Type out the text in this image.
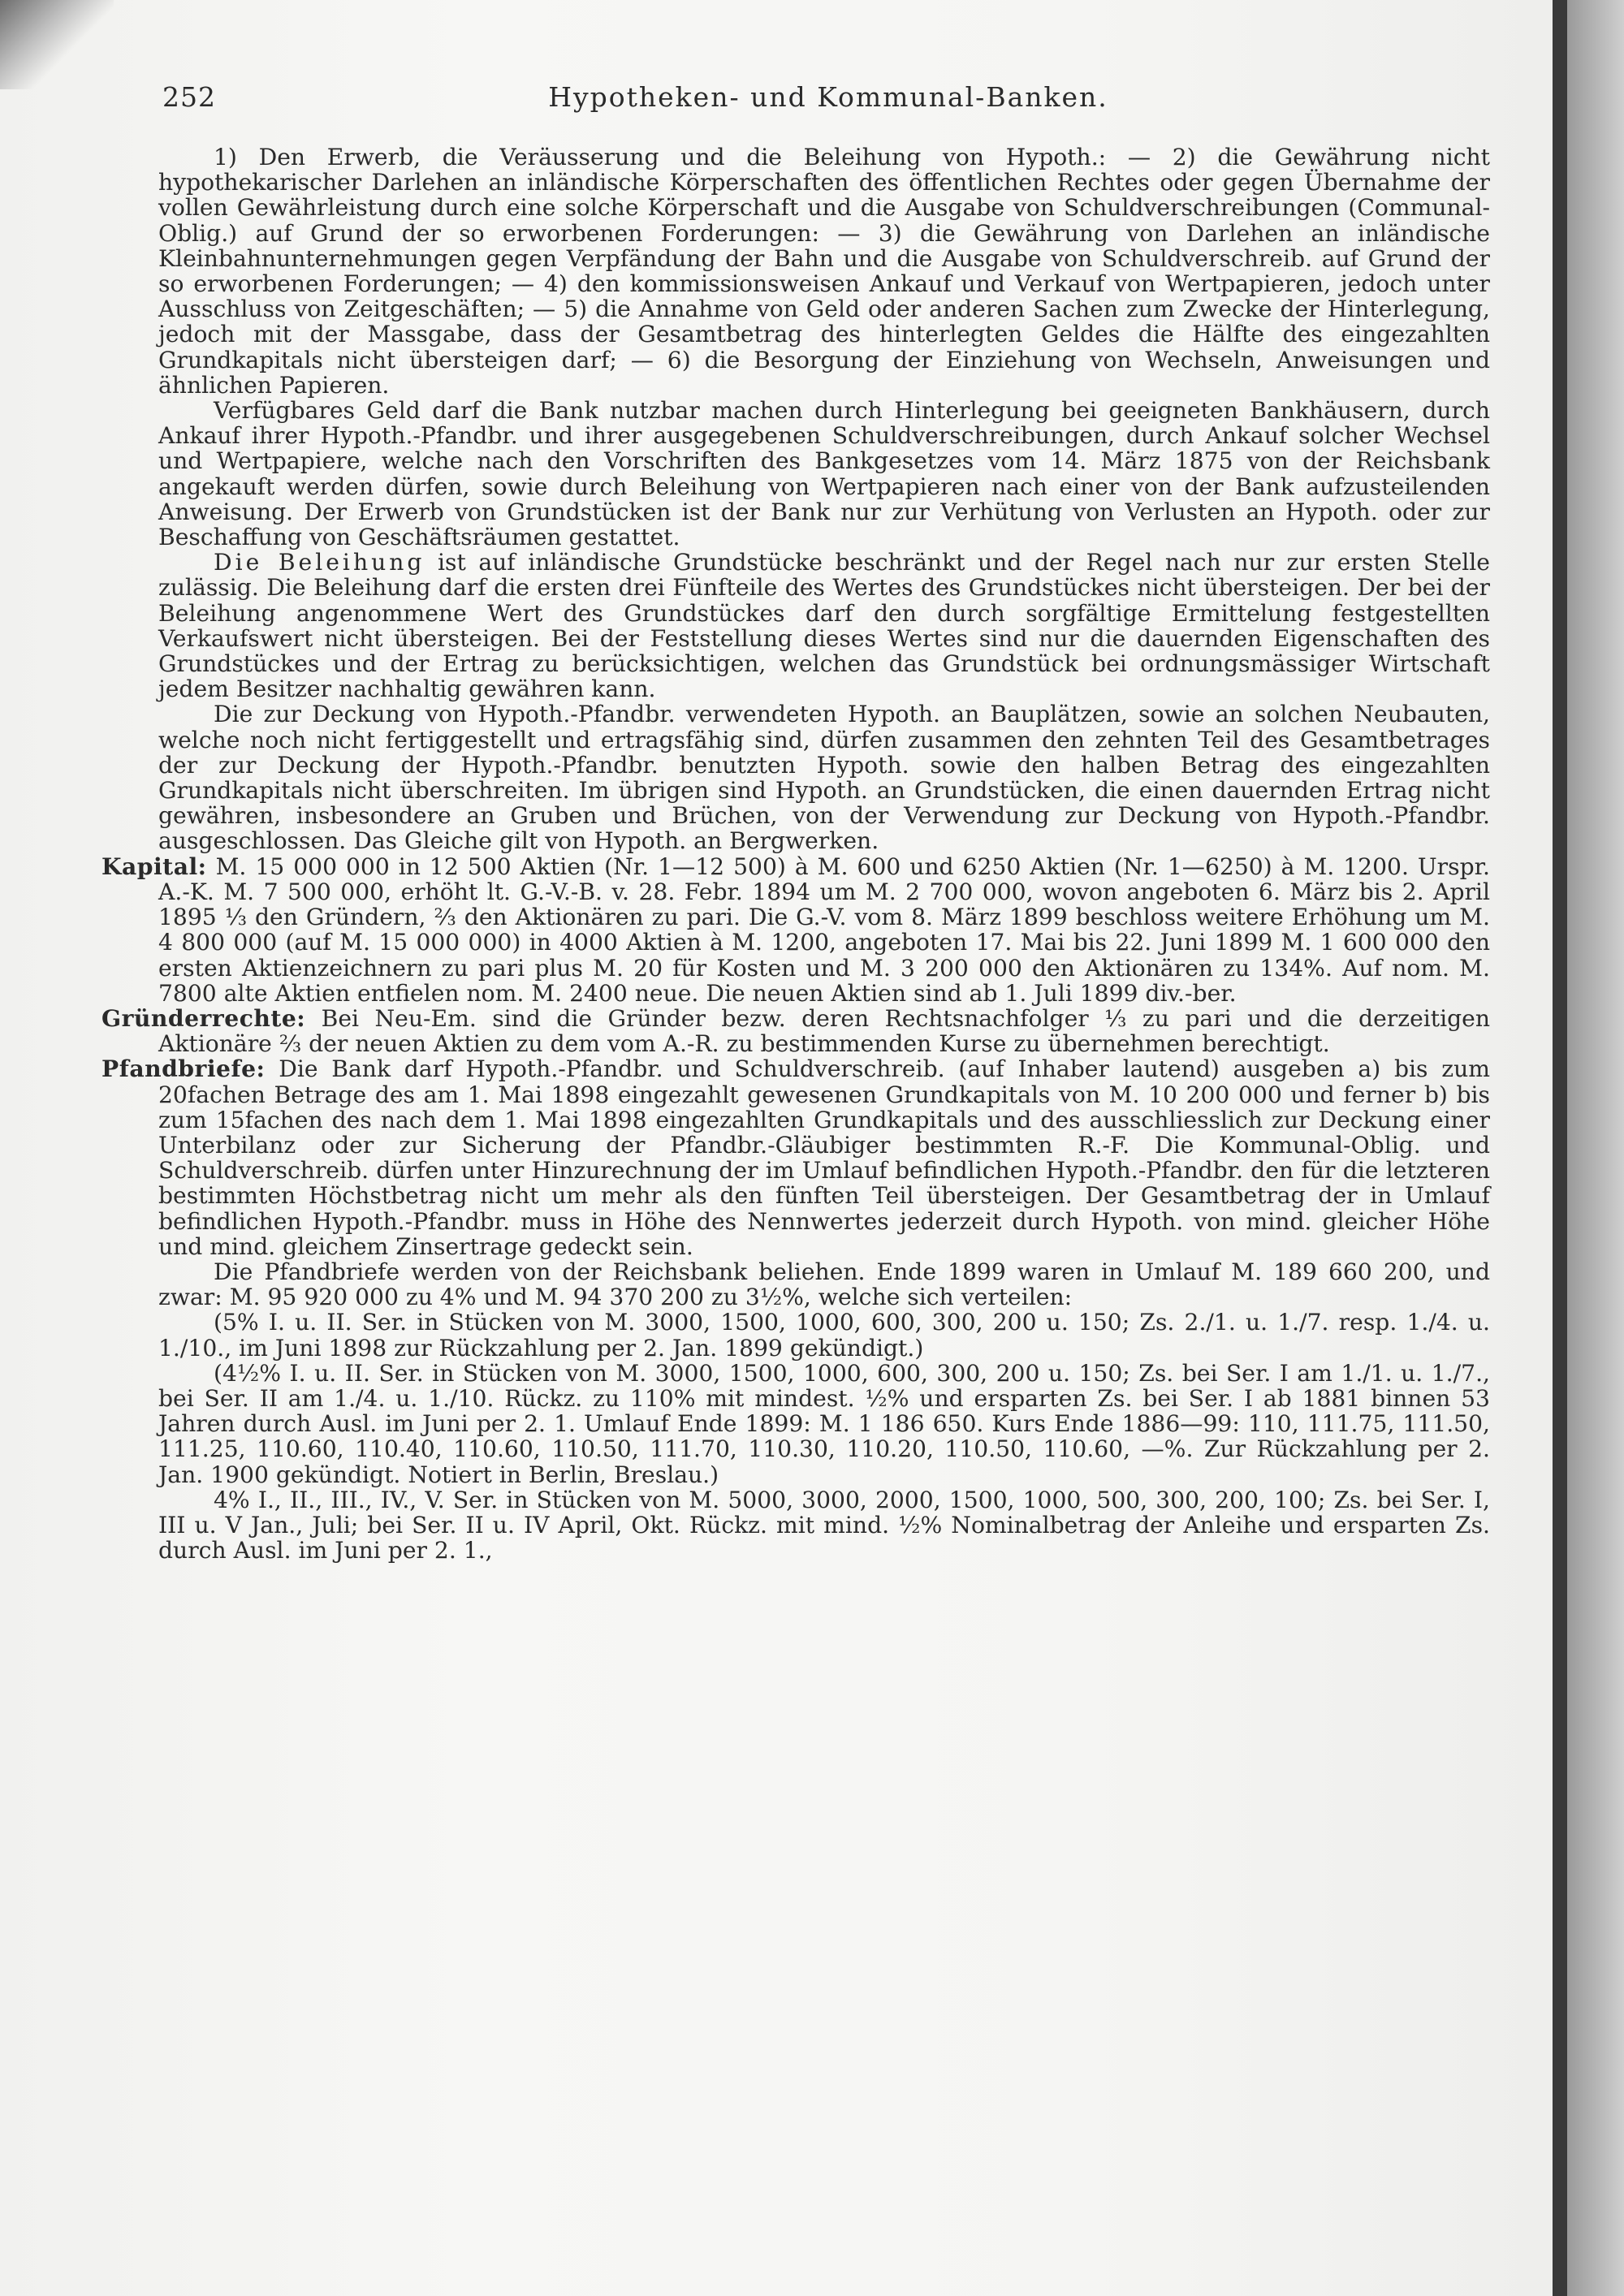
252	Hypotheken- und Kommunal-Banken.

1) Den Erwerb, die Veräusserung und die Beleihung von Hypoth.: — 2) die Gewährung nicht hypothekarischer Darlehen an inländische Körperschaften des öffentlichen Rechtes oder gegen Übernahme der vollen Gewährleistung durch eine solche Körperschaft und die Ausgabe von Schuldverschreibungen (Communal-Oblig.) auf Grund der so erworbenen Forderungen: — 3) die Gewährung von Darlehen an inländische Kleinbahnunternehmungen gegen Verpfändung der Bahn und die Ausgabe von Schuldverschreib. auf Grund der so erworbenen Forderungen; — 4) den kommissionsweisen Ankauf und Verkauf von Wertpapieren, jedoch unter Ausschluss von Zeitgeschäften; — 5) die Annahme von Geld oder anderen Sachen zum Zwecke der Hinterlegung, jedoch mit der Massgabe, dass der Gesamtbetrag des hinterlegten Geldes die Hälfte des eingezahlten Grundkapitals nicht übersteigen darf; — 6) die Besorgung der Einziehung von Wechseln, Anweisungen und ähnlichen Papieren.

Verfügbares Geld darf die Bank nutzbar machen durch Hinterlegung bei geeigneten Bankhäusern, durch Ankauf ihrer Hypoth.-Pfandbr. und ihrer ausgegebenen Schuldverschreibungen, durch Ankauf solcher Wechsel und Wertpapiere, welche nach den Vorschriften des Bankgesetzes vom 14. März 1875 von der Reichsbank angekauft werden dürfen, sowie durch Beleihung von Wertpapieren nach einer von der Bank aufzusteilenden Anweisung. Der Erwerb von Grundstücken ist der Bank nur zur Verhütung von Verlusten an Hypoth. oder zur Beschaffung von Geschäftsräumen gestattet.

Die Beleihung ist auf inländische Grundstücke beschränkt und der Regel nach nur zur ersten Stelle zulässig. Die Beleihung darf die ersten drei Fünfteile des Wertes des Grundstückes nicht übersteigen. Der bei der Beleihung angenommene Wert des Grundstückes darf den durch sorgfältige Ermittelung festgestellten Verkaufswert nicht übersteigen. Bei der Feststellung dieses Wertes sind nur die dauernden Eigenschaften des Grundstückes und der Ertrag zu berücksichtigen, welchen das Grundstück bei ordnungsmässiger Wirtschaft jedem Besitzer nachhaltig gewähren kann.

Die zur Deckung von Hypoth.-Pfandbr. verwendeten Hypoth. an Bauplätzen, sowie an solchen Neubauten, welche noch nicht fertiggestellt und ertragsfähig sind, dürfen zusammen den zehnten Teil des Gesamtbetrages der zur Deckung der Hypoth.-Pfandbr. benutzten Hypoth. sowie den halben Betrag des eingezahlten Grundkapitals nicht überschreiten. Im übrigen sind Hypoth. an Grundstücken, die einen dauernden Ertrag nicht gewähren, insbesondere an Gruben und Brüchen, von der Verwendung zur Deckung von Hypoth.-Pfandbr. ausgeschlossen. Das Gleiche gilt von Hypoth. an Bergwerken.

Kapital: M. 15 000 000 in 12 500 Aktien (Nr. 1—12 500) à M. 600 und 6250 Aktien (Nr. 1—6250) à M. 1200. Urspr. A.-K. M. 7 500 000, erhöht lt. G.-V.-B. v. 28. Febr. 1894 um M. 2 700 000, wovon angeboten 6. März bis 2. April 1895 ⅓ den Gründern, ⅔ den Aktionären zu pari. Die G.-V. vom 8. März 1899 beschloss weitere Erhöhung um M. 4 800 000 (auf M. 15 000 000) in 4000 Aktien à M. 1200, angeboten 17. Mai bis 22. Juni 1899 M. 1 600 000 den ersten Aktienzeichnern zu pari plus M. 20 für Kosten und M. 3 200 000 den Aktionären zu 134%. Auf nom. M. 7800 alte Aktien entfielen nom. M. 2400 neue. Die neuen Aktien sind ab 1. Juli 1899 div.-ber.

Gründerrechte: Bei Neu-Em. sind die Gründer bezw. deren Rechtsnachfolger ⅓ zu pari und die derzeitigen Aktionäre ⅔ der neuen Aktien zu dem vom A.-R. zu bestimmenden Kurse zu übernehmen berechtigt.

Pfandbriefe: Die Bank darf Hypoth.-Pfandbr. und Schuldverschreib. (auf Inhaber lautend) ausgeben a) bis zum 20fachen Betrage des am 1. Mai 1898 eingezahlt gewesenen Grundkapitals von M. 10 200 000 und ferner b) bis zum 15fachen des nach dem 1. Mai 1898 eingezahlten Grundkapitals und des ausschliesslich zur Deckung einer Unterbilanz oder zur Sicherung der Pfandbr.-Gläubiger bestimmten R.-F. Die Kommunal-Oblig. und Schuldverschreib. dürfen unter Hinzurechnung der im Umlauf befindlichen Hypoth.-Pfandbr. den für die letzteren bestimmten Höchstbetrag nicht um mehr als den fünften Teil übersteigen. Der Gesamtbetrag der in Umlauf befindlichen Hypoth.-Pfandbr. muss in Höhe des Nennwertes jederzeit durch Hypoth. von mind. gleicher Höhe und mind. gleichem Zinsertrage gedeckt sein.

Die Pfandbriefe werden von der Reichsbank beliehen. Ende 1899 waren in Umlauf M. 189 660 200, und zwar: M. 95 920 000 zu 4% und M. 94 370 200 zu 3½%, welche sich verteilen:

(5% I. u. II. Ser. in Stücken von M. 3000, 1500, 1000, 600, 300, 200 u. 150; Zs. 2./1. u. 1./7. resp. 1./4. u. 1./10., im Juni 1898 zur Rückzahlung per 2. Jan. 1899 gekündigt.)

(4½% I. u. II. Ser. in Stücken von M. 3000, 1500, 1000, 600, 300, 200 u. 150; Zs. bei Ser. I am 1./1. u. 1./7., bei Ser. II am 1./4. u. 1./10. Rückz. zu 110% mit mindest. ½% und ersparten Zs. bei Ser. I ab 1881 binnen 53 Jahren durch Ausl. im Juni per 2. 1. Umlauf Ende 1899: M. 1 186 650. Kurs Ende 1886—99: 110, 111.75, 111.50, 111.25, 110.60, 110.40, 110.60, 110.50, 111.70, 110.30, 110.20, 110.50, 110.60, —%. Zur Rückzahlung per 2. Jan. 1900 gekündigt. Notiert in Berlin, Breslau.)

4% I., II., III., IV., V. Ser. in Stücken von M. 5000, 3000, 2000, 1500, 1000, 500, 300, 200, 100; Zs. bei Ser. I, III u. V Jan., Juli; bei Ser. II u. IV April, Okt. Rückz. mit mind. ½% Nominalbetrag der Anleihe und ersparten Zs. durch Ausl. im Juni per 2. 1.,
